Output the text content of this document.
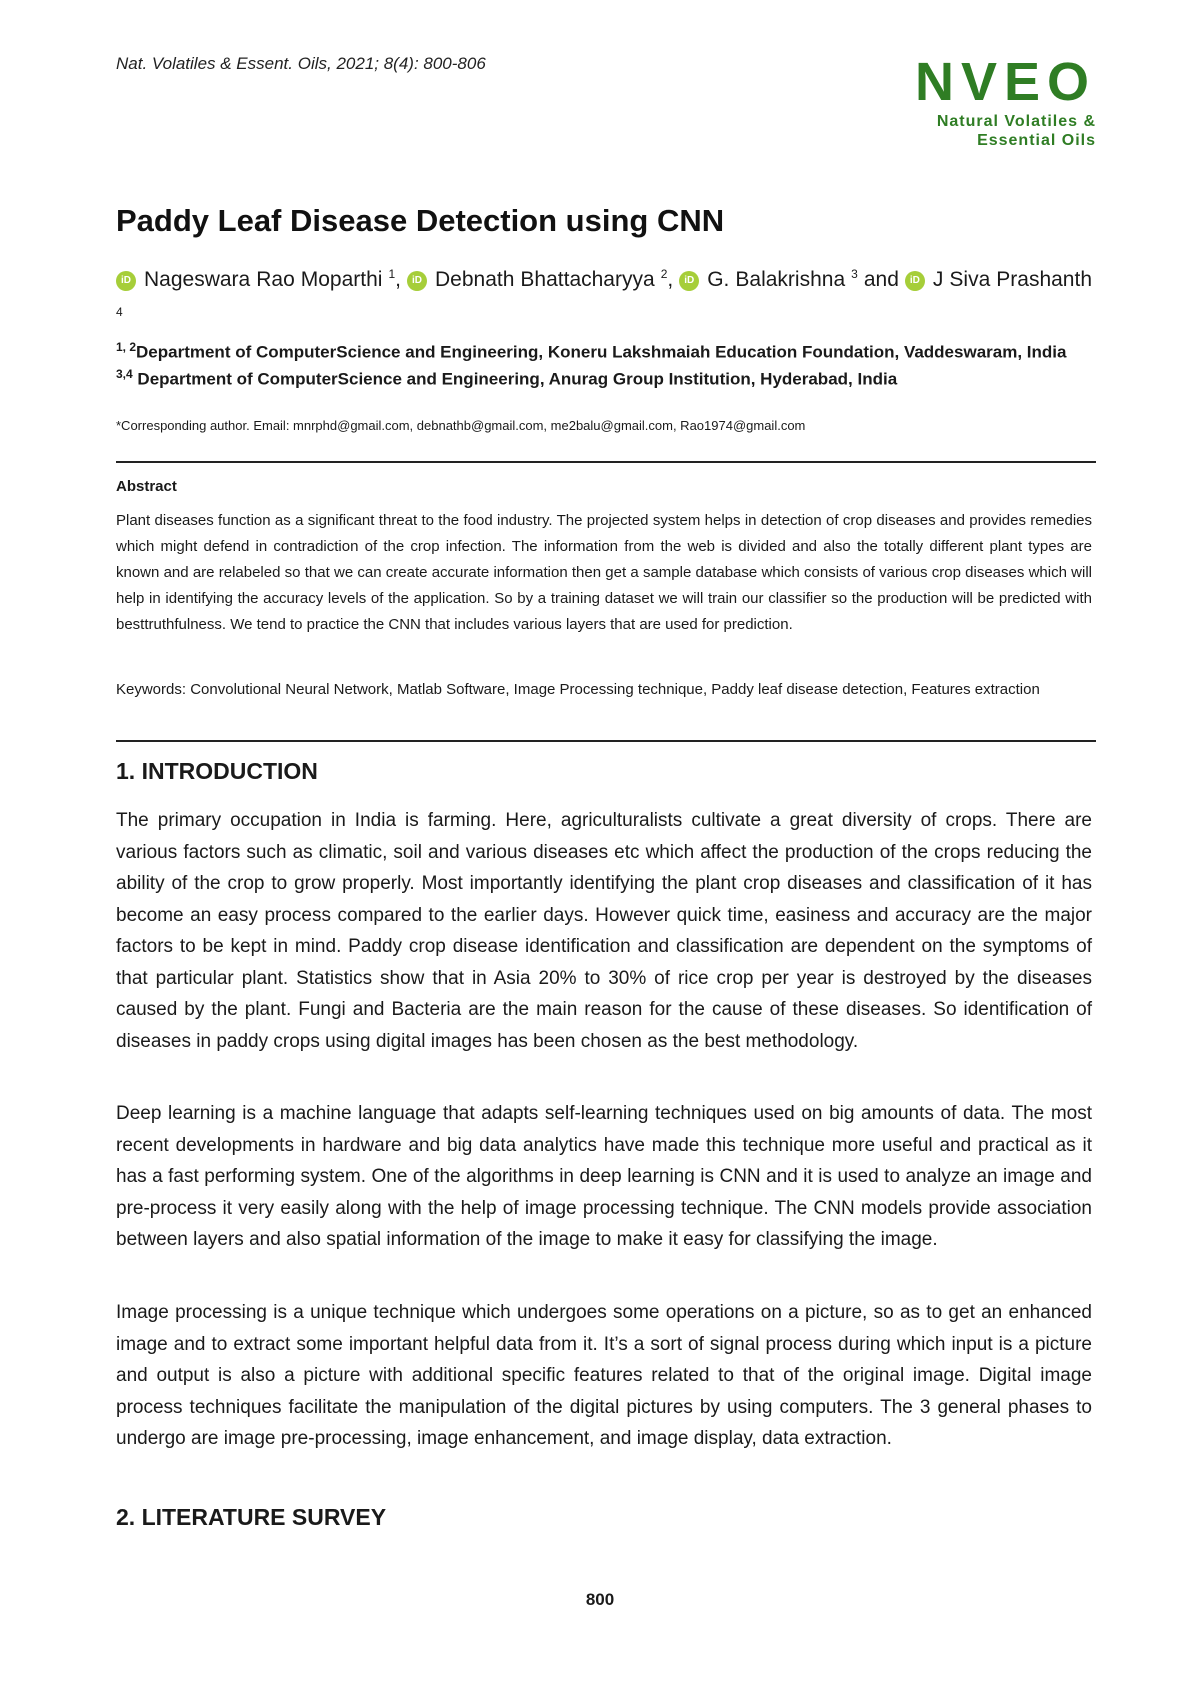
Nat. Volatiles & Essent. Oils, 2021; 8(4): 800-806	NVEO
Natural Volatiles &
Essential Oils
Paddy Leaf Disease Detection using CNN
iD Nageswara Rao Moparthi $^1$, iD Debnath Bhattacharyya $^2$, iD G. Balakrishna $^3$ and iD J Siva Prashanth $^4$
$^{1, 2}$Department of ComputerScience and Engineering, Koneru Lakshmaiah Education Foundation, Vaddeswaram, India
$^{3,4}$ Department of ComputerScience and Engineering, Anurag Group Institution, Hyderabad, India
*Corresponding author. Email: mnrphd@gmail.com, debnathb@gmail.com, me2balu@gmail.com, Rao1974@gmail.com
Abstract
Plant diseases function as a significant threat to the food industry. The projected system helps in detection of crop diseases and provides remedies which might defend in contradiction of the crop infection. The information from the web is divided and also the totally different plant types are known and are relabeled so that we can create accurate information then get a sample database which consists of various crop diseases which will help in identifying the accuracy levels of the application. So by a training dataset we will train our classifier so the production will be predicted with besttruthfulness. We tend to practice the CNN that includes various layers that are used for prediction.
Keywords: Convolutional Neural Network, Matlab Software, Image Processing technique, Paddy leaf disease detection, Features extraction
1. INTRODUCTION
The primary occupation in India is farming. Here, agriculturalists cultivate a great diversity of crops. There are various factors such as climatic, soil and various diseases etc which affect the production of the crops reducing the ability of the crop to grow properly. Most importantly identifying the plant crop diseases and classification of it has become an easy process compared to the earlier days. However quick time, easiness and accuracy are the major factors to be kept in mind. Paddy crop disease identification and classification are dependent on the symptoms of that particular plant. Statistics show that in Asia 20% to 30% of rice crop per year is destroyed by the diseases caused by the plant. Fungi and Bacteria are the main reason for the cause of these diseases. So identification of diseases in paddy crops using digital images has been chosen as the best methodology.
Deep learning is a machine language that adapts self-learning techniques used on big amounts of data. The most recent developments in hardware and big data analytics have made this technique more useful and practical as it has a fast performing system. One of the algorithms in deep learning is CNN and it is used to analyze an image and pre-process it very easily along with the help of image processing technique. The CNN models provide association between layers and also spatial information of the image to make it easy for classifying the image.
Image processing is a unique technique which undergoes some operations on a picture, so as to get an enhanced image and to extract some important helpful data from it. It’s a sort of signal process during which input is a picture and output is also a picture with additional specific features related to that of the original image. Digital image process techniques facilitate the manipulation of the digital pictures by using computers. The 3 general phases to undergo are image pre-processing, image enhancement, and image display, data extraction.
2. LITERATURE SURVEY
800
